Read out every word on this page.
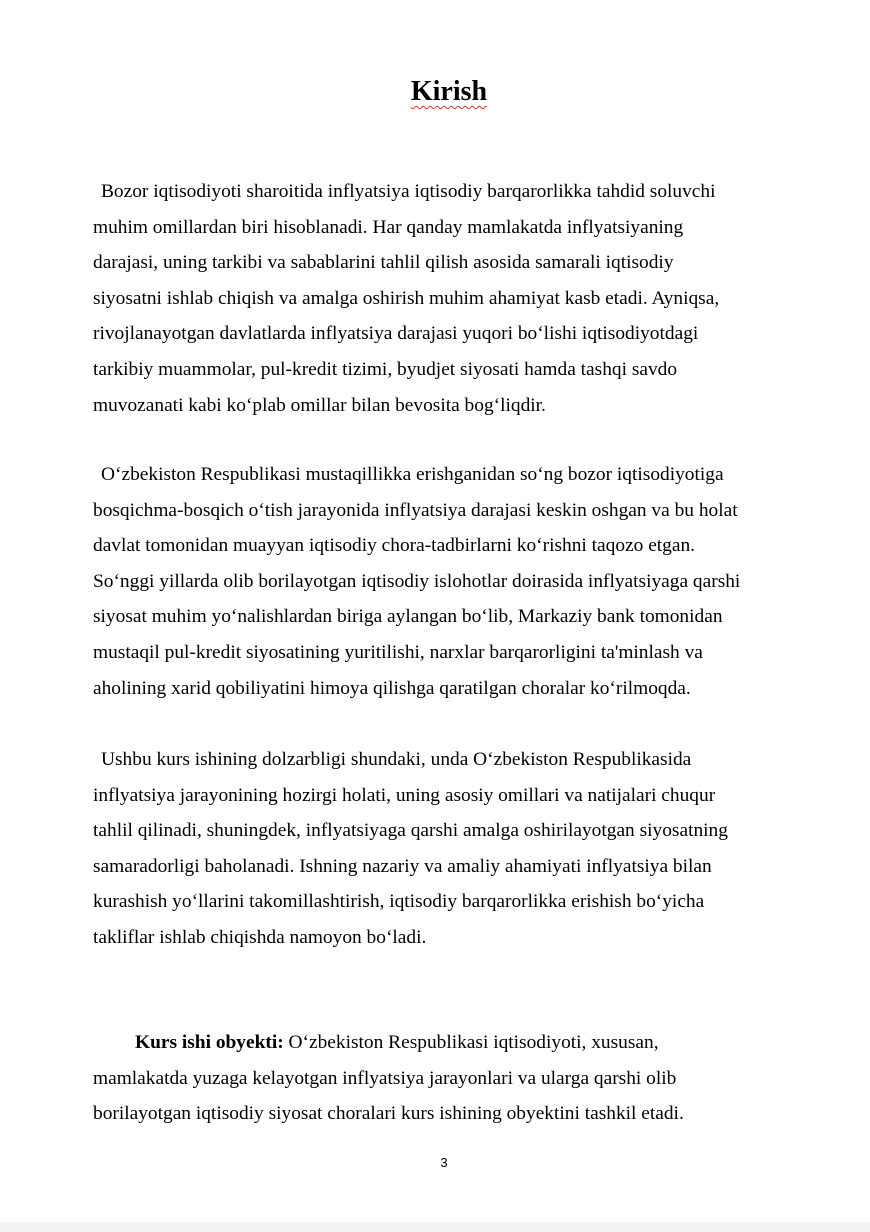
Kirish
Bozor iqtisodiyoti sharoitida inflyatsiya iqtisodiy barqarorlikka tahdid soluvchi
muhim omillardan biri hisoblanadi. Har qanday mamlakatda inflyatsiyaning
darajasi, uning tarkibi va sabablarini tahlil qilish asosida samarali iqtisodiy
siyosatni ishlab chiqish va amalga oshirish muhim ahamiyat kasb etadi. Ayniqsa,
rivojlanayotgan davlatlarda inflyatsiya darajasi yuqori bo‘lishi iqtisodiyotdagi
tarkibiy muammolar, pul-kredit tizimi, byudjet siyosati hamda tashqi savdo
muvozanati kabi ko‘plab omillar bilan bevosita bog‘liqdir.
O‘zbekiston Respublikasi mustaqillikka erishganidan so‘ng bozor iqtisodiyotiga
bosqichma-bosqich o‘tish jarayonida inflyatsiya darajasi keskin oshgan va bu holat
davlat tomonidan muayyan iqtisodiy chora-tadbirlarni ko‘rishni taqozo etgan.
So‘nggi yillarda olib borilayotgan iqtisodiy islohotlar doirasida inflyatsiyaga qarshi
siyosat muhim yo‘nalishlardan biriga aylangan bo‘lib, Markaziy bank tomonidan
mustaqil pul-kredit siyosatining yuritilishi, narxlar barqarorligini ta'minlash va
aholining xarid qobiliyatini himoya qilishga qaratilgan choralar ko‘rilmoqda.
Ushbu kurs ishining dolzarbligi shundaki, unda O‘zbekiston Respublikasida
inflyatsiya jarayonining hozirgi holati, uning asosiy omillari va natijalari chuqur
tahlil qilinadi, shuningdek, inflyatsiyaga qarshi amalga oshirilayotgan siyosatning
samaradorligi baholanadi. Ishning nazariy va amaliy ahamiyati inflyatsiya bilan
kurashish yo‘llarini takomillashtirish, iqtisodiy barqarorlikka erishish bo‘yicha
takliflar ishlab chiqishda namoyon bo‘ladi.
Kurs ishi obyekti: O‘zbekiston Respublikasi iqtisodiyoti, xususan,
mamlakatda yuzaga kelayotgan inflyatsiya jarayonlari va ularga qarshi olib
borilayotgan iqtisodiy siyosat choralari kurs ishining obyektini tashkil etadi.
3
